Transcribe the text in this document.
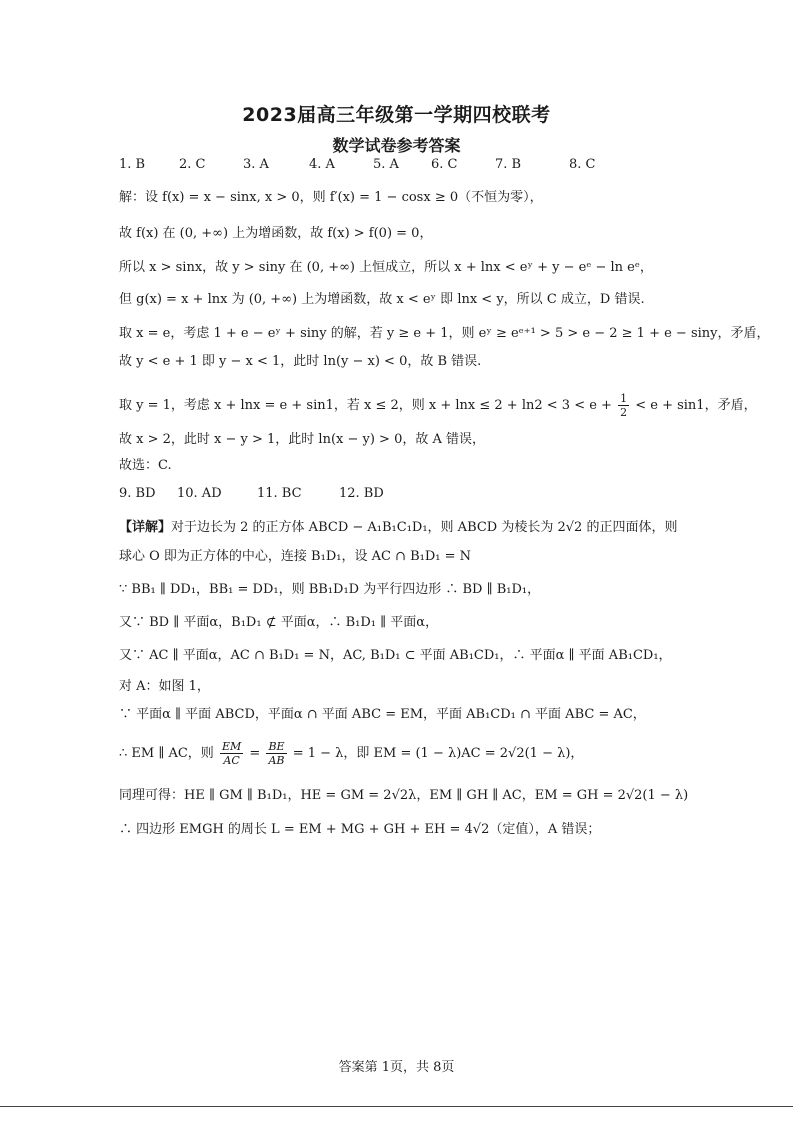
2023届高三年级第一学期四校联考
数学试卷参考答案
1. B	2. C	3. A	4. A	5. A 6. C	7. B	8. C
解：设 f(x) = x − sinx, x > 0，则 f′(x) = 1 − cosx ≥ 0（不恒为零），
故 f(x) 在 (0, +∞) 上为增函数，故 f(x) > f(0) = 0，
所以 x > sinx，故 y > siny 在 (0, +∞) 上恒成立，所以 x + lnx < eʸ + y − eᵉ − ln eᵉ，
但 g(x) = x + lnx 为 (0, +∞) 上为增函数，故 x < eʸ 即 lnx < y，所以 C 成立，D 错误.
取 x = e，考虑 1 + e − eʸ + siny 的解，若 y ≥ e + 1，则 eʸ ≥ eᵉ⁺¹ > 5 > e − 2 ≥ 1 + e − siny，矛盾，
故 y < e + 1 即 y − x < 1，此时 ln(y − x) < 0，故 B 错误.
取 y = 1，考虑 x + lnx = e + sin1，若 x ≤ 2，则 $x + \ln x \le 2 + \ln 2 < 3 < e + \frac{1}{2} < e + \sin 1$，矛盾，
故 x > 2，此时 x − y > 1，此时 ln(x − y) > 0，故 A 错误，
故选：C.
9. BD 10. AD	11. BC	12. BD
【详解】对于边长为 2 的正方体 ABCD − A₁B₁C₁D₁，则 ABCD 为棱长为 2√2 的正四面体，则
球心 O 即为正方体的中心，连接 B₁D₁，设 AC ∩ B₁D₁ = N
∵ BB₁ ∥ DD₁，BB₁ = DD₁，则 BB₁D₁D 为平行四边形 ∴ BD ∥ B₁D₁，
又∵ BD ∥ 平面α，B₁D₁ ⊄ 平面α，∴ B₁D₁ ∥ 平面α，
又∵ AC ∥ 平面α，AC ∩ B₁D₁ = N，AC, B₁D₁ ⊂ 平面 AB₁CD₁，∴ 平面α ∥ 平面 AB₁CD₁，
对 A：如图 1，
∵ 平面α ∥ 平面 ABCD，平面α ∩ 平面 ABC = EM，平面 AB₁CD₁ ∩ 平面 ABC = AC，
∴ EM ∥ AC，则 $\frac{EM}{AC} = \frac{BE}{AB} = 1 - \lambda$，即 EM = (1 − λ)AC = 2√2(1 − λ)，
同理可得：HE ∥ GM ∥ B₁D₁，HE = GM = 2√2λ，EM ∥ GH ∥ AC，EM = GH = 2√2(1 − λ)
∴ 四边形 EMGH 的周长 L = EM + MG + GH + EH = 4√2（定值），A 错误；
答案第 1页，共 8页
